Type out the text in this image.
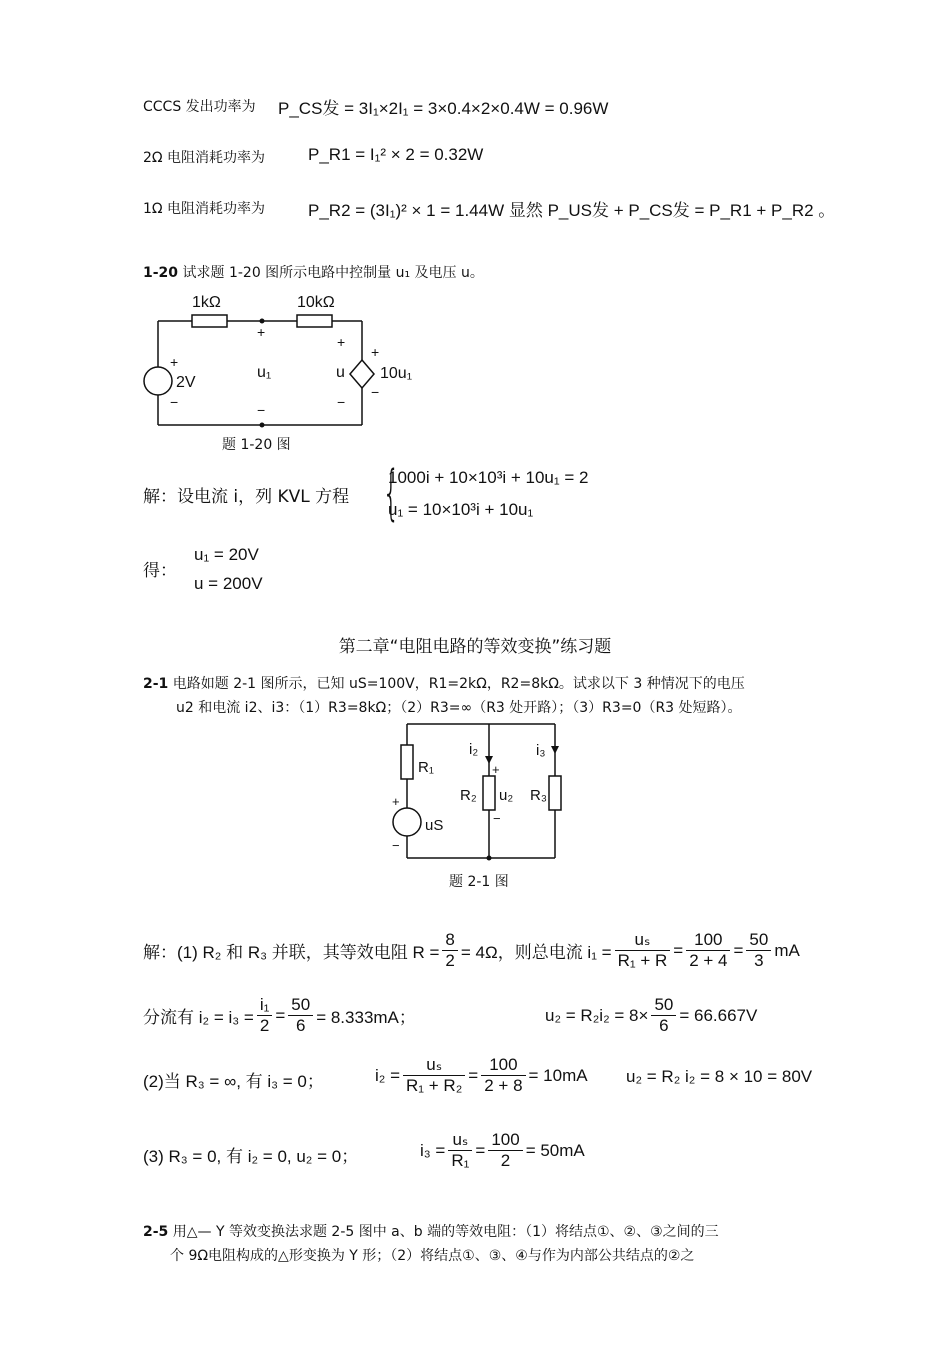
CCCS 发出功率为 P_CS发 = 3I₁×2I₁ = 3×0.4×2×0.4W = 0.96W
2Ω 电阻消耗功率为	P_R1 = I₁² × 2 = 0.32W
1Ω 电阻消耗功率为	P_R2 = (3I₁)² × 1 = 1.44W 显然 P_US发 + P_CS发 = P_R1 + P_R2 。
1-20 试求题 1-20 图所示电路中控制量 u₁ 及电压 u。
1kΩ	10kΩ
+
−
2V
+
−
u₁
+
−
u
+
−
10u₁
题 1-20 图
解：设电流 i，列 KVL 方程 {
1000i + 10×10³i + 10u₁ = 2
u₁ = 10×10³i + 10u₁
得：
u₁ = 20V
u = 200V
第二章“电阻电路的等效变换”练习题
2-1 电路如题 2-1 图所示，已知 uS=100V，R1=2kΩ，R2=8kΩ。试求以下 3 种情况下的电压
u2 和电流 i2、i3：（1）R3=8kΩ；（2）R3=∞（R3 处开路）；（3）R3=0（R3 处短路）。
R₁
i₂	i₃
+
R₂ u₂ R₃
−
+
uS
−
题 2-1 图
解：(1) R₂ 和 R₃ 并联，其等效电阻 $R = \frac{8}{2} = 4\Omega$，则总电流 $i_1 = \frac{\text{uₛ}}{\text{R₁ + R}} = \frac{100}{2 + 4} = \frac{50}{3}$ mA
分流有 $i_2 = i_3 = \frac{\text{i₁}}{2} = \frac{50}{6} = 8.333mA$；	$u_2 = R_2i_2 = 8\times \frac{50}{6} = 66.667V$
(2)当 R₃ = ∞, 有 i₃ = 0；	$i_2 = \frac{\text{uₛ}}{\text{R₁ + R₂}} = \frac{100}{2 + 8} = 10mA$ u₂ = R₂ i₂ = 8 × 10 = 80V
(3) R₃ = 0, 有 i₂ = 0, u₂ = 0；	$i_3 = \frac{\text{uₛ}}{\text{R₁}} = \frac{100}{2} = 50mA$
2-5 用△— Y 等效变换法求题 2-5 图中 a、b 端的等效电阻：（1）将结点①、②、③之间的三
个 9Ω电阻构成的△形变换为 Y 形；（2）将结点①、③、④与作为内部公共结点的②之
